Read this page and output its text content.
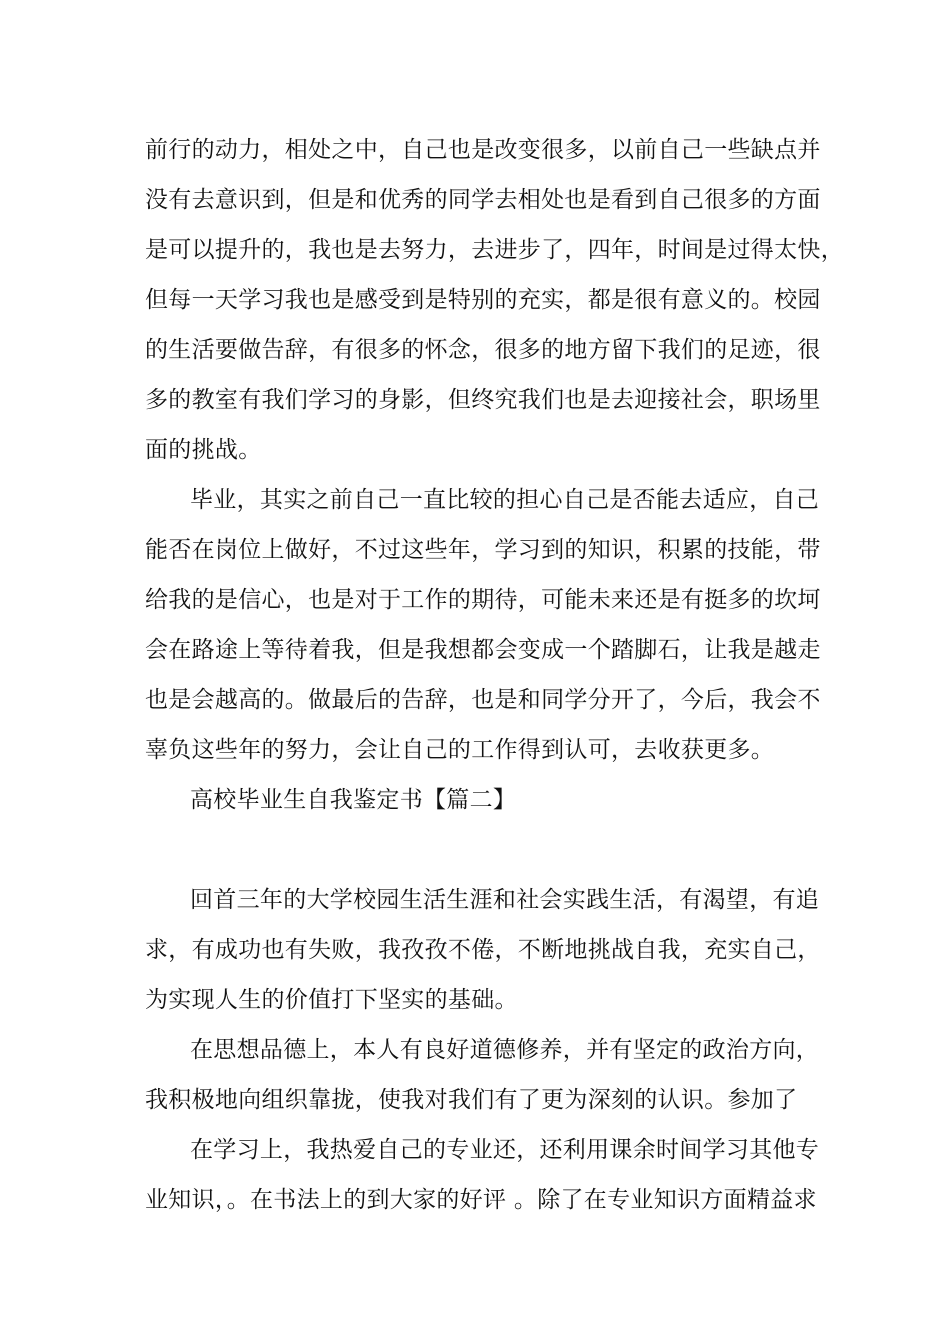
前行的动力，相处之中，自己也是改变很多，以前自己一些缺点并
没有去意识到，但是和优秀的同学去相处也是看到自己很多的方面
是可以提升的，我也是去努力，去进步了，四年，时间是过得太快，
但每一天学习我也是感受到是特别的充实，都是很有意义的。校园
的生活要做告辞，有很多的怀念，很多的地方留下我们的足迹，很
多的教室有我们学习的身影，但终究我们也是去迎接社会，职场里
面的挑战。
毕业，其实之前自己一直比较的担心自己是否能去适应，自己
能否在岗位上做好，不过这些年，学习到的知识，积累的技能，带
给我的是信心，也是对于工作的期待，可能未来还是有挺多的坎坷
会在路途上等待着我，但是我想都会变成一个踏脚石，让我是越走
也是会越高的。做最后的告辞，也是和同学分开了，今后，我会不
辜负这些年的努力，会让自己的工作得到认可，去收获更多。
高校毕业生自我鉴定书【篇二】
回首三年的大学校园生活生涯和社会实践生活，有渴望，有追
求，有成功也有失败，我孜孜不倦，不断地挑战自我，充实自己，
为实现人生的价值打下坚实的基础。
在思想品德上，本人有良好道德修养，并有坚定的政治方向，
我积极地向组织靠拢，使我对我们有了更为深刻的认识。参加了
在学习上，我热爱自己的专业还，还利用课余时间学习其他专
业知识，。在书法上的到大家的好评 。除了在专业知识方面精益求
